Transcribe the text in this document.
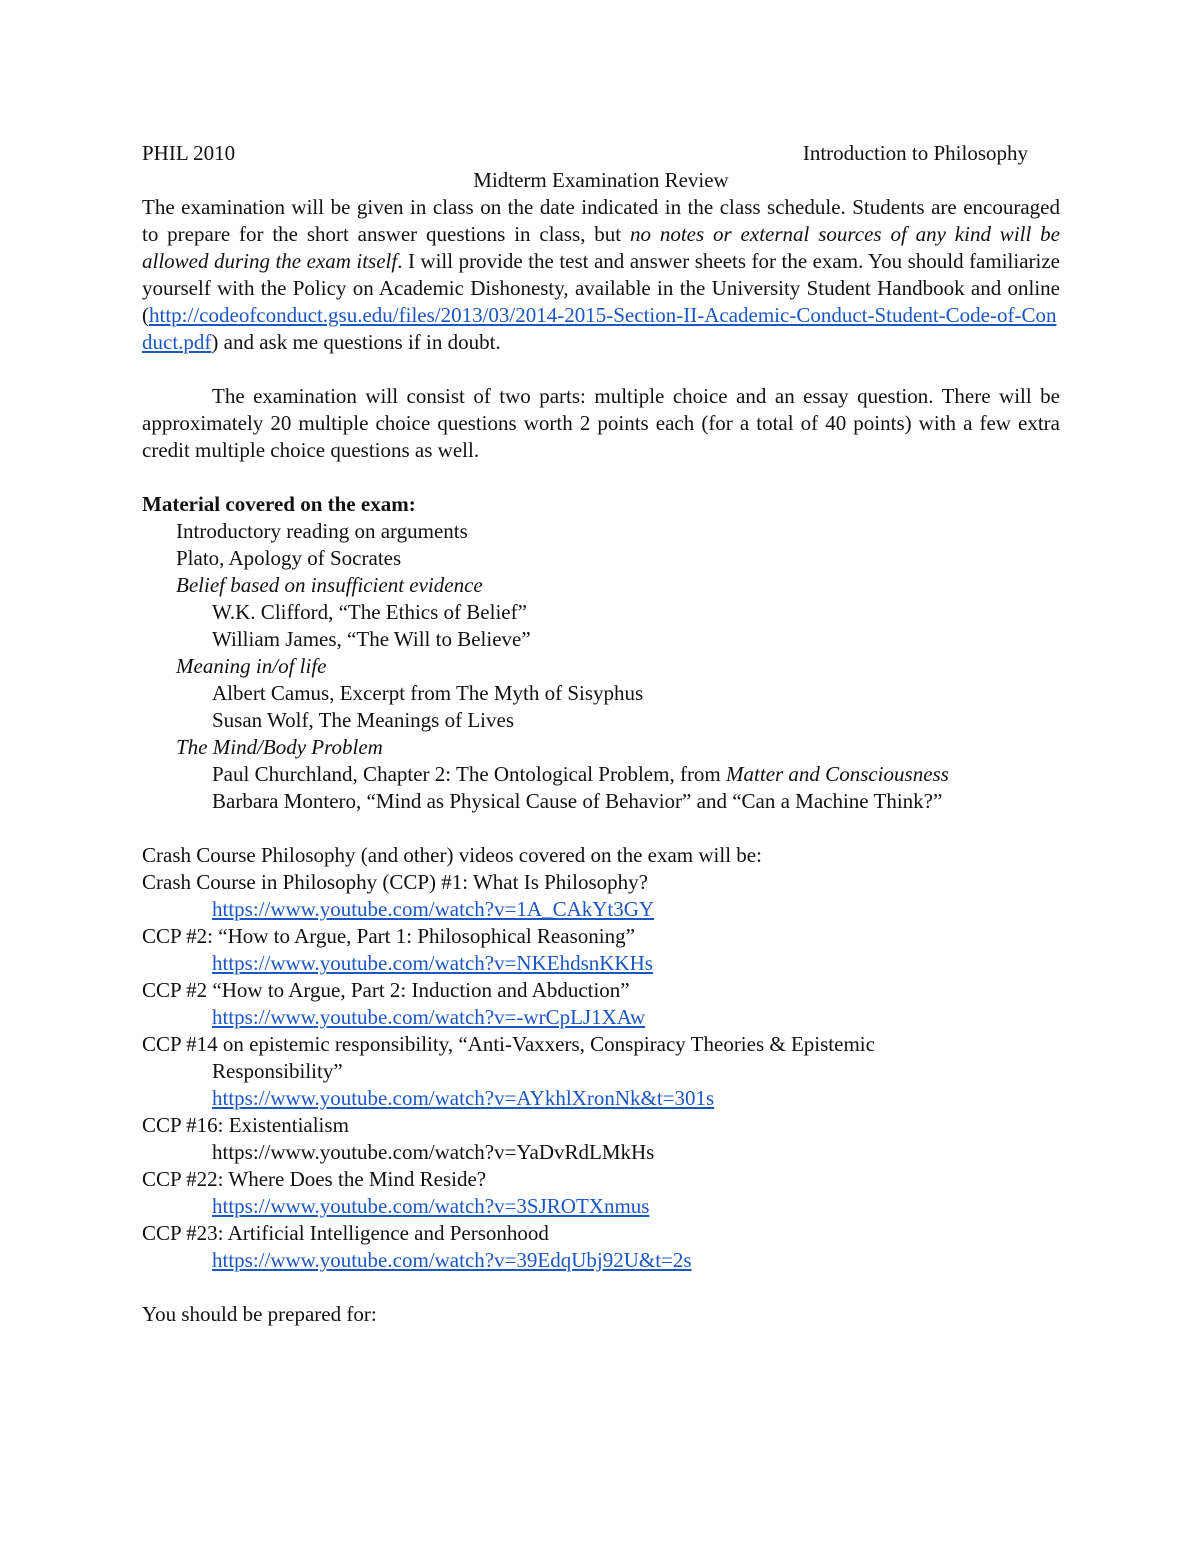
PHIL 2010	Introduction to Philosophy
Midterm Examination Review
The examination will be given in class on the date indicated in the class schedule. Students are encouraged to prepare for the short answer questions in class, but no notes or external sources of any kind will be allowed during the exam itself. I will provide the test and answer sheets for the exam. You should familiarize yourself with the Policy on Academic Dishonesty, available in the University Student Handbook and online (http://codeofconduct.gsu.edu/files/2013/03/2014-2015-Section-II-Academic-Conduct-Student-Code-of-Conduct.pdf) and ask me questions if in doubt.
The examination will consist of two parts: multiple choice and an essay question. There will be approximately 20 multiple choice questions worth 2 points each (for a total of 40 points) with a few extra credit multiple choice questions as well.
Material covered on the exam:
Introductory reading on arguments
Plato, Apology of Socrates
Belief based on insufficient evidence
W.K. Clifford, “The Ethics of Belief”
William James, “The Will to Believe”
Meaning in/of life
Albert Camus, Excerpt from The Myth of Sisyphus
Susan Wolf, The Meanings of Lives
The Mind/Body Problem
Paul Churchland, Chapter 2: The Ontological Problem, from Matter and Consciousness
Barbara Montero, “Mind as Physical Cause of Behavior” and “Can a Machine Think?”
Crash Course Philosophy (and other) videos covered on the exam will be:
Crash Course in Philosophy (CCP) #1: What Is Philosophy?
https://www.youtube.com/watch?v=1A_CAkYt3GY
CCP #2: “How to Argue, Part 1: Philosophical Reasoning”
https://www.youtube.com/watch?v=NKEhdsnKKHs
CCP #2 “How to Argue, Part 2: Induction and Abduction”
https://www.youtube.com/watch?v=-wrCpLJ1XAw
CCP #14 on epistemic responsibility, “Anti-Vaxxers, Conspiracy Theories & Epistemic
Responsibility”
https://www.youtube.com/watch?v=AYkhlXronNk&t=301s
CCP #16: Existentialism
https://www.youtube.com/watch?v=YaDvRdLMkHs
CCP #22: Where Does the Mind Reside?
https://www.youtube.com/watch?v=3SJROTXnmus
CCP #23: Artificial Intelligence and Personhood
https://www.youtube.com/watch?v=39EdqUbj92U&t=2s
You should be prepared for:
